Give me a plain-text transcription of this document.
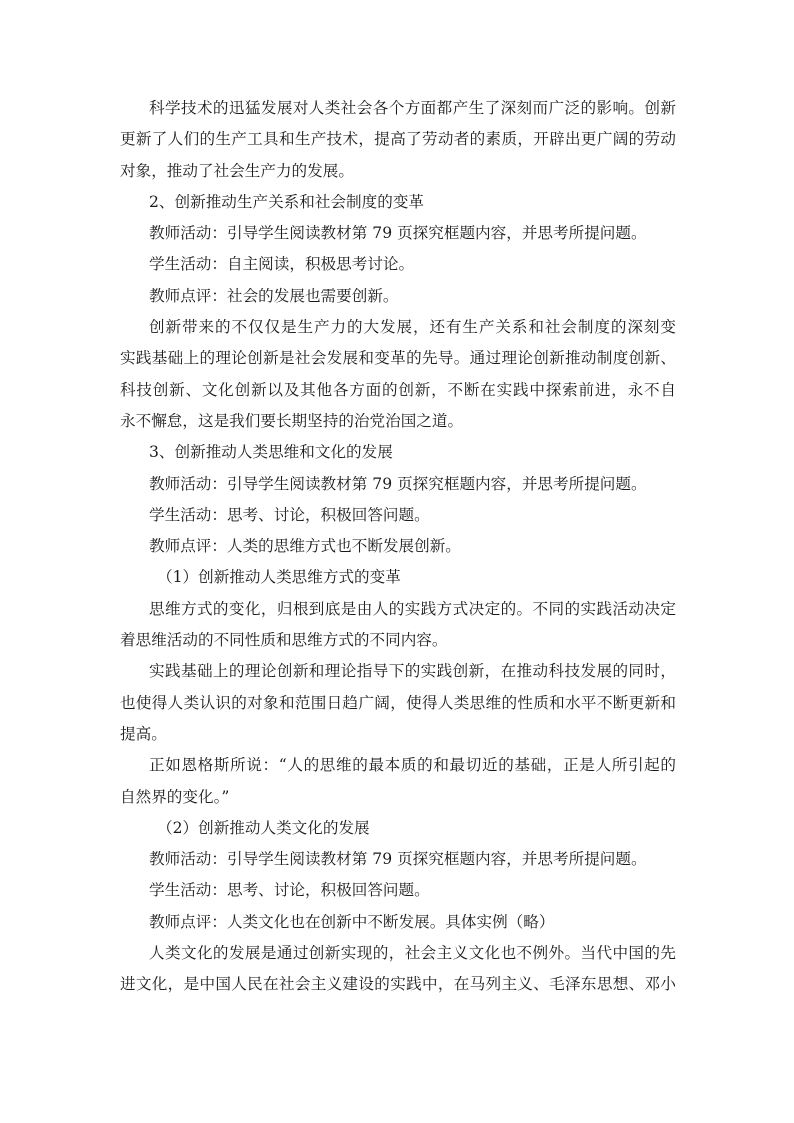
科学技术的迅猛发展对人类社会各个方面都产生了深刻而广泛的影响。创新
更新了人们的生产工具和生产技术，提高了劳动者的素质，开辟出更广阔的劳动
对象，推动了社会生产力的发展。
2、创新推动生产关系和社会制度的变革
教师活动：引导学生阅读教材第 79 页探究框题内容，并思考所提问题。
学生活动：自主阅读，积极思考讨论。
教师点评：社会的发展也需要创新。
创新带来的不仅仅是生产力的大发展，还有生产关系和社会制度的深刻变
实践基础上的理论创新是社会发展和变革的先导。通过理论创新推动制度创新、
科技创新、文化创新以及其他各方面的创新，不断在实践中探索前进，永不自
永不懈怠，这是我们要长期坚持的治党治国之道。
3、创新推动人类思维和文化的发展
教师活动：引导学生阅读教材第 79 页探究框题内容，并思考所提问题。
学生活动：思考、讨论，积极回答问题。
教师点评：人类的思维方式也不断发展创新。
（1）创新推动人类思维方式的变革
思维方式的变化，归根到底是由人的实践方式决定的。不同的实践活动决定
着思维活动的不同性质和思维方式的不同内容。
实践基础上的理论创新和理论指导下的实践创新，在推动科技发展的同时，
也使得人类认识的对象和范围日趋广阔，使得人类思维的性质和水平不断更新和
提高。
正如恩格斯所说：“人的思维的最本质的和最切近的基础，正是人所引起的
自然界的变化。”
（2）创新推动人类文化的发展
教师活动：引导学生阅读教材第 79 页探究框题内容，并思考所提问题。
学生活动：思考、讨论，积极回答问题。
教师点评：人类文化也在创新中不断发展。具体实例（略）
人类文化的发展是通过创新实现的，社会主义文化也不例外。当代中国的先
进文化，是中国人民在社会主义建设的实践中，在马列主义、毛泽东思想、邓小
